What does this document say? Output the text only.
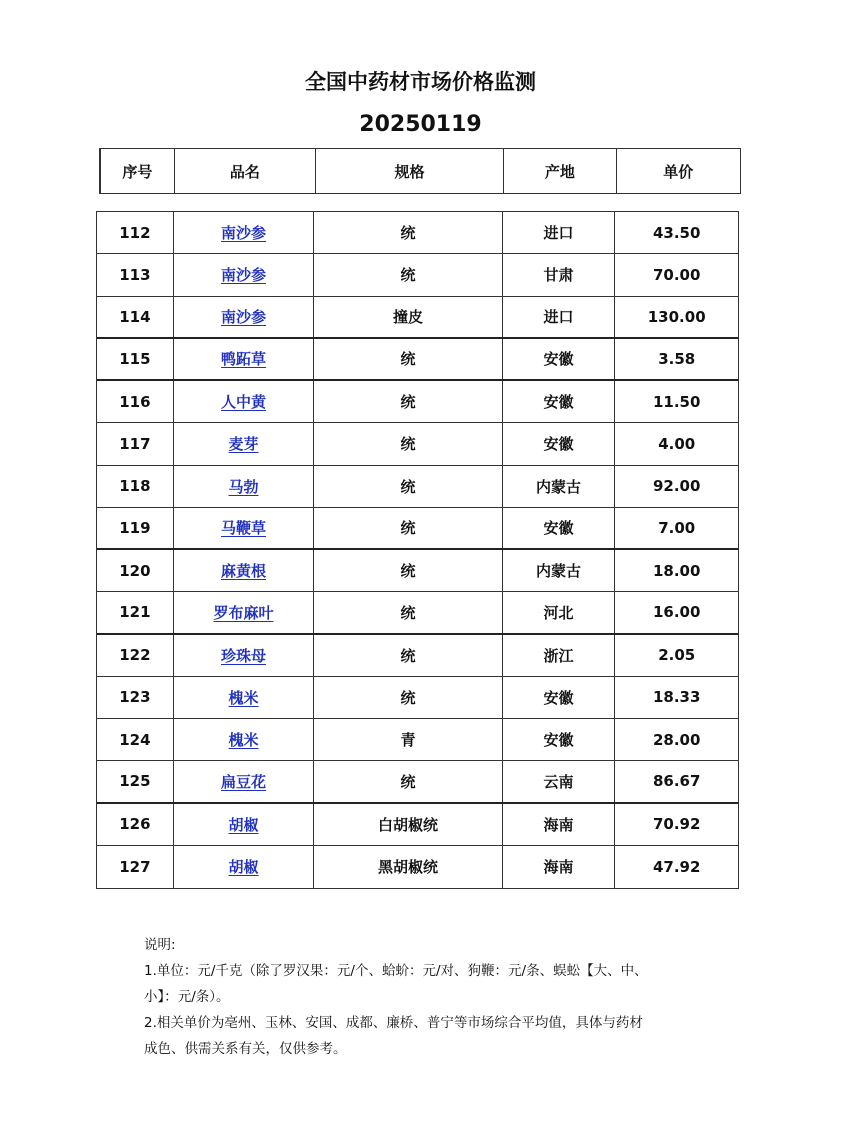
全国中药材市场价格监测
20250119
序号	品名	规格	产地	单价
112	南沙参	统	进口	43.50
113	南沙参	统	甘肃	70.00
114	南沙参	撞皮	进口	130.00
115	鸭跖草	统	安徽	3.58
116	人中黄	统	安徽	11.50
117	麦芽	统	安徽	4.00
118	马勃	统	内蒙古	92.00
119	马鞭草	统	安徽	7.00
120	麻黄根	统	内蒙古	18.00
121	罗布麻叶	统	河北	16.00
122	珍珠母	统	浙江	2.05
123	槐米	统	安徽	18.33
124	槐米	青	安徽	28.00
125	扁豆花	统	云南	86.67
126	胡椒	白胡椒统	海南	70.92
127	胡椒	黑胡椒统	海南	47.92
说明:
1.单位：元/千克（除了罗汉果：元/个、蛤蚧：元/对、狗鞭：元/条、蜈蚣【大、中、
小】：元/条）。
2.相关单价为亳州、玉林、安国、成都、廉桥、普宁等市场综合平均值，具体与药材
成色、供需关系有关，仅供参考。
